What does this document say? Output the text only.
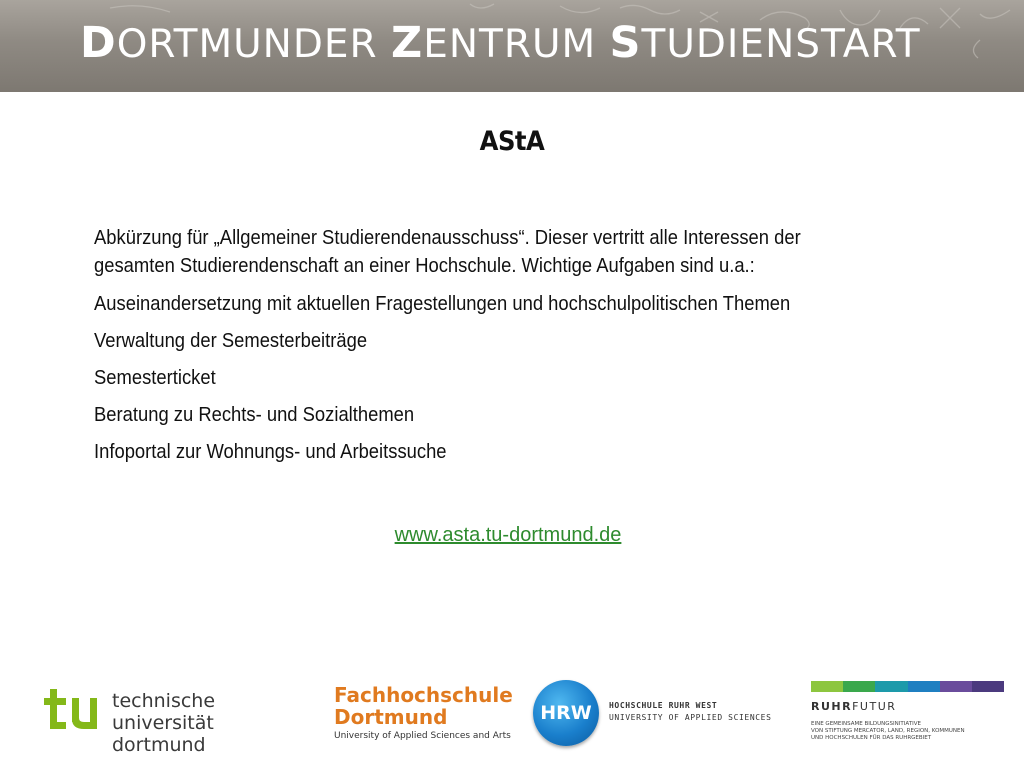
DORTMUNDER ZENTRUM STUDIENSTART
AStA

Abkürzung für „Allgemeiner Studierendenausschuss“. Dieser vertritt alle Interessen der gesamten Studierendenschaft an einer Hochschule. Wichtige Aufgaben sind u.a.:

Auseinandersetzung mit aktuellen Fragestellungen und hochschulpolitischen Themen

Verwaltung der Semesterbeiträge

Semesterticket

Beratung zu Rechts- und Sozialthemen

Infoportal zur Wohnungs- und Arbeitssuche

www.asta.tu-dortmund.de
technische universität
dortmund
Fachhochschule
Dortmund
University of Applied Sciences and Arts
HRW	HOCHSCHULE RUHR WEST
UNIVERSITY OF APPLIED SCIENCES
RUHRFUTUR
EINE GEMEINSAME BILDUNGSINITIATIVE
VON STIFTUNG MERCATOR, LAND, REGION, KOMMUNEN
UND HOCHSCHULEN FÜR DAS RUHRGEBIET
